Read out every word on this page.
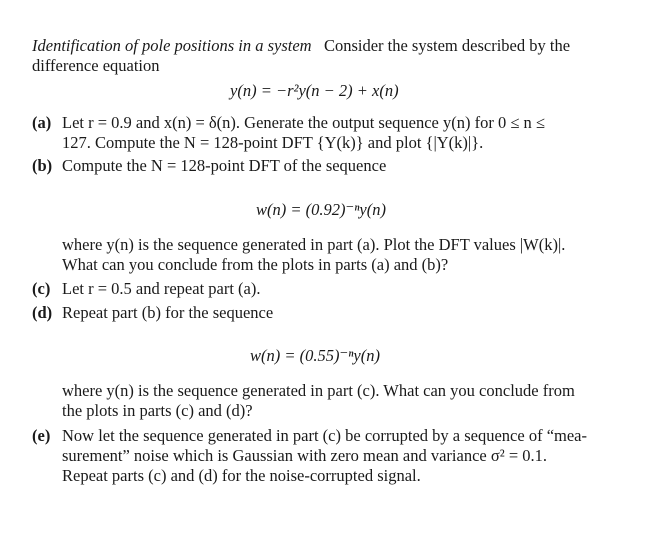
Identification of pole positions in a system Consider the system described by the
difference equation
y(n) = −r²y(n − 2) + x(n)
(a) Let r = 0.9 and x(n) = δ(n). Generate the output sequence y(n) for 0 ≤ n ≤
127. Compute the N = 128-point DFT {Y(k)} and plot {|Y(k)|}.
(b) Compute the N = 128-point DFT of the sequence
w(n) = (0.92)⁻ⁿy(n)
where y(n) is the sequence generated in part (a). Plot the DFT values |W(k)|.
What can you conclude from the plots in parts (a) and (b)?
(c) Let r = 0.5 and repeat part (a).
(d) Repeat part (b) for the sequence
w(n) = (0.55)⁻ⁿy(n)
where y(n) is the sequence generated in part (c). What can you conclude from
the plots in parts (c) and (d)?
(e) Now let the sequence generated in part (c) be corrupted by a sequence of “mea-
surement” noise which is Gaussian with zero mean and variance σ² = 0.1.
Repeat parts (c) and (d) for the noise-corrupted signal.
